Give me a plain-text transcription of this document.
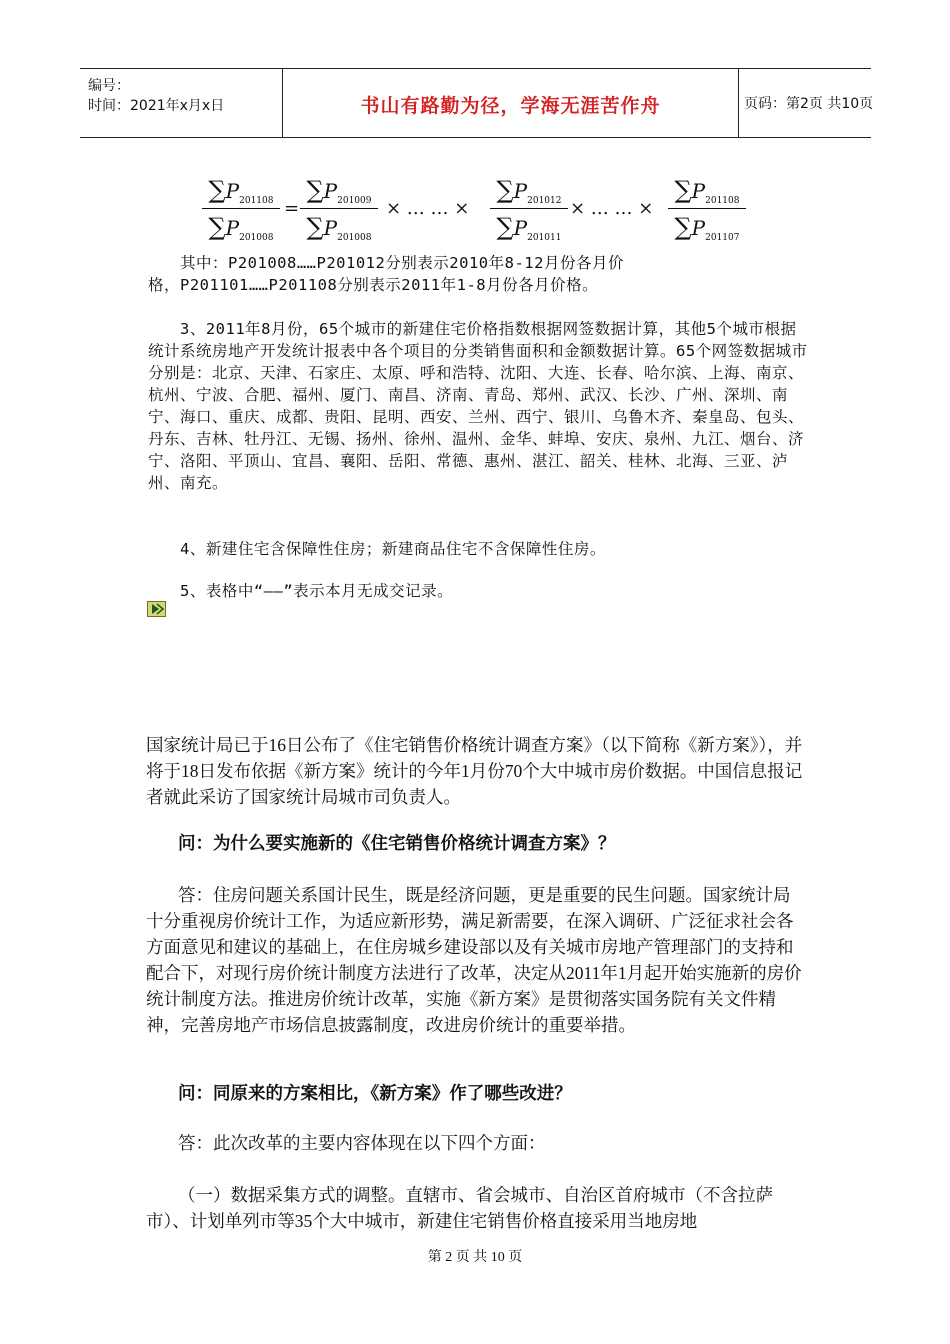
编号：
时间：2021年x月x日	书山有路勤为径，学海无涯苦作舟	页码：第2页 共10页
$\sum P_{201108}$
$\sum P_{201008}$
=
$\sum P_{201009}$
$\sum P_{201008}$
× … … ×
$\sum P_{201012}$
$\sum P_{201011}$
× … … ×
$\sum P_{201108}$
$\sum P_{201107}$

其中：P201008……P201012分别表示2010年8-12月份各月价

格，P201101……P201108分别表示2011年1-8月份各月价格。

3、2011年8月份，65个城市的新建住宅价格指数根据网签数据计算，其他5个城市根据统计系统房地产开发统计报表中各个项目的分类销售面积和金额数据计算。65个网签数据城市分别是：北京、天津、石家庄、太原、呼和浩特、沈阳、大连、长春、哈尔滨、上海、南京、杭州、宁波、合肥、福州、厦门、南昌、济南、青岛、郑州、武汉、长沙、广州、深圳、南宁、海口、重庆、成都、贵阳、昆明、西安、兰州、西宁、银川、乌鲁木齐、秦皇岛、包头、丹东、吉林、牡丹江、无锡、扬州、徐州、温州、金华、蚌埠、安庆、泉州、九江、烟台、济宁、洛阳、平顶山、宜昌、襄阳、岳阳、常德、惠州、湛江、韶关、桂林、北海、三亚、泸州、南充。

4、新建住宅含保障性住房；新建商品住宅不含保障性住房。

5、表格中“——”表示本月无成交记录。

国家统计局已于16日公布了《住宅销售价格统计调查方案》（以下简称《新方案》），并将于18日发布依据《新方案》统计的今年1月份70个大中城市房价数据。中国信息报记者就此采访了国家统计局城市司负责人。

问：为什么要实施新的《住宅销售价格统计调查方案》？

答：住房问题关系国计民生，既是经济问题，更是重要的民生问题。国家统计局十分重视房价统计工作，为适应新形势，满足新需要，在深入调研、广泛征求社会各方面意见和建议的基础上，在住房城乡建设部以及有关城市房地产管理部门的支持和配合下，对现行房价统计制度方法进行了改革，决定从2011年1月起开始实施新的房价统计制度方法。推进房价统计改革，实施《新方案》是贯彻落实国务院有关文件精神，完善房地产市场信息披露制度，改进房价统计的重要举措。

问：同原来的方案相比，《新方案》作了哪些改进？

答：此次改革的主要内容体现在以下四个方面：

（一）数据采集方式的调整。直辖市、省会城市、自治区首府城市（不含拉萨市）、计划单列市等35个大中城市，新建住宅销售价格直接采用当地房地

第 2 页 共 10 页
